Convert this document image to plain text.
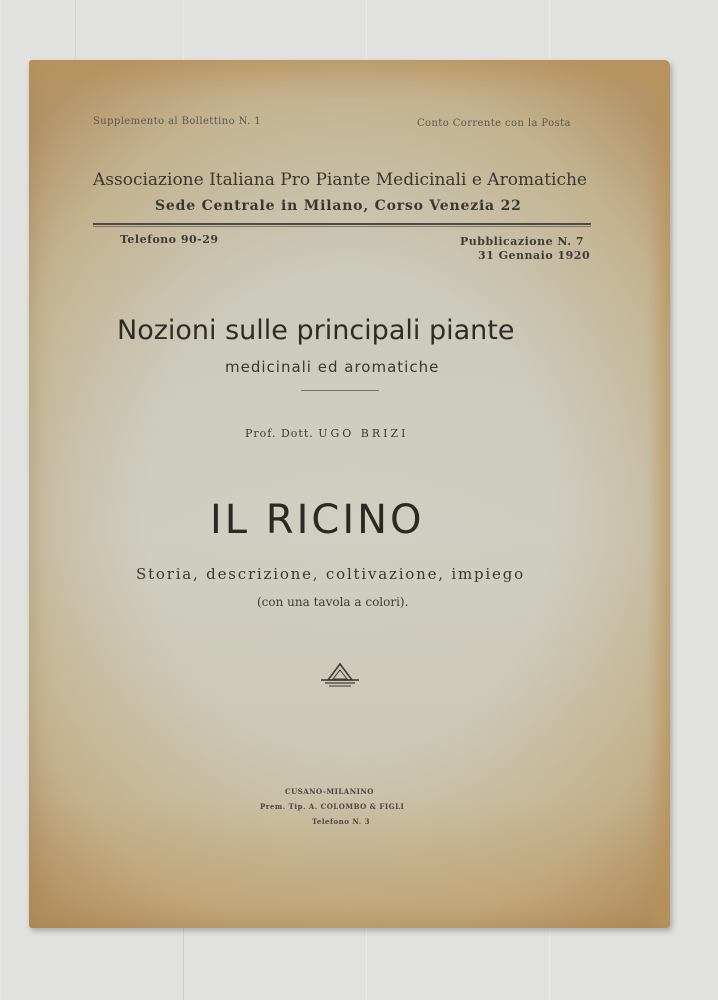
Supplemento al Bollettino N. 1	Conto Corrente con la Posta
Associazione Italiana Pro Piante Medicinali e Aromatiche
Sede Centrale in Milano, Corso Venezia 22
Telefono 90-29	Pubblicazione N. 7
31 Gennaio 1920
Nozioni sulle principali piante
medicinali ed aromatiche
Prof. Dott. UGO BRIZI
IL RICINO
Storia, descrizione, coltivazione, impiego
(con una tavola a colori).
CUSANO-MILANINO
Prem. Tip. A. COLOMBO & FIGLI
Telefono N. 3
